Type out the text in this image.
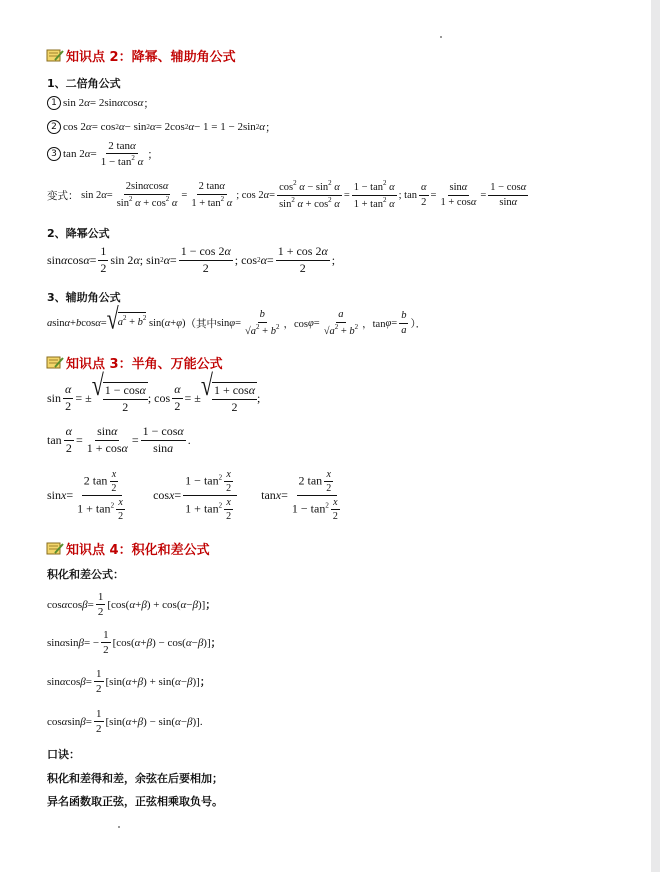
知识点 2：降幂、辅助角公式
1、二倍角公式
1 sin 2 α = 2sin α cos α ；
2 cos 2 α = cos 2 α − sin 2 α = 2cos 2 α − 1 = 1 − 2sin 2 α ；
3 tan 2 α =
2 tanα
$1 - \tan^2 \alpha$
；
变式： sin 2 α =
2sinαcosα
$\sin^2 \alpha + \cos^2 \alpha$
=
2 tanα
$1 + \tan^2 \alpha$
; cos 2 α =
$\cos^2 \alpha - \sin^2 \alpha$
$\sin^2 \alpha + \cos^2 \alpha$
=
$1 - \tan^2 \alpha$
$1 + \tan^2 \alpha$
; tan
α
2
=
sinα
1 + cosα
=
1 − cosα
sinα
2、降幂公式
sin α cos α =
1
2
sin 2 α ; sin 2 α =
1 − cos 2α
2
; cos 2 α =
1 + cos 2α
2
;
3、辅助角公式
a sin α + b cos α = √ $a^2 + b^2$ sin( α + φ ) （其中 sin φ =
b
$√a^2 + b^2$ ，cos φ =
a
$√a^2 + b^2$ ，tan φ =
b
a
）．
知识点 3：半角、万能公式
sin
α
2
= ± √ $\frac{1 - \cos\alpha}{2}$ ; cos
α
2
= ± √ $\frac{1 + \cos\alpha}{2}$ ;
tan
α
2
=
sinα
1 + cosα
=
1 − cosα
sina
.
sin x =
2 $\tan \frac{x}{2}$
$1 + \tan^2 \frac{x}{2}$
cos x =
$1 - \tan^2 \frac{x}{2}$
$1 + \tan^2 \frac{x}{2}$
tan x =
2 $\tan \frac{x}{2}$
$1 - \tan^2 \frac{x}{2}$
知识点 4：积化和差公式
积化和差公式：
cos α cos β =
1
2
[cos( α + β ) + cos( α − β )] ；
sin α sin β = −
1
2
[cos( α + β ) − cos( α − β )] ；
sin α cos β =
1
2
[sin( α + β ) + sin( α − β )] ；
cos α sin β =
1
2
[sin( α + β ) − sin( α − β )].
口诀：
积化和差得和差，余弦在后要相加；
异名函数取正弦，正弦相乘取负号。
